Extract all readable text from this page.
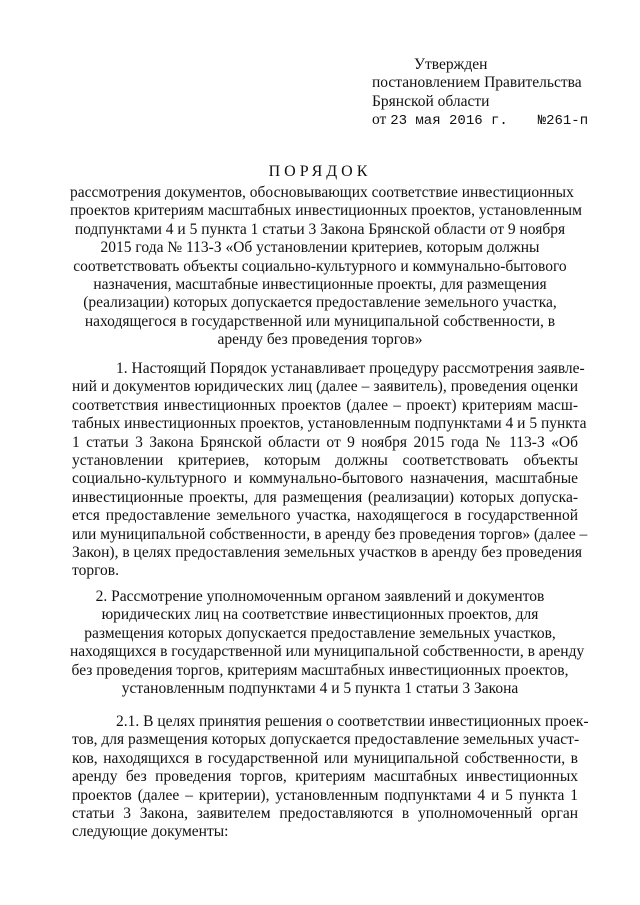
Утвержден
постановлением Правительства
Брянской области
от 23 мая 2016 г. №261-п
ПОРЯДОК
рассмотрения документов, обосновывающих соответствие инвестиционных
проектов критериям масштабных инвестиционных проектов, установленным
подпунктами 4 и 5 пункта 1 статьи 3 Закона Брянской области от 9 ноября
2015 года № 113-З «Об установлении критериев, которым должны
соответствовать объекты социально-культурного и коммунально-бытового
назначения, масштабные инвестиционные проекты, для размещения
(реализации) которых допускается предоставление земельного участка,
находящегося в государственной или муниципальной собственности, в
аренду без проведения торгов»
1. Настоящий Порядок устанавливает процедуру рассмотрения заявле-
ний и документов юридических лиц (далее – заявитель), проведения оценки
соответствия инвестиционных проектов (далее – проект) критериям масш-
табных инвестиционных проектов, установленным подпунктами 4 и 5 пункта
1 статьи 3 Закона Брянской области от 9 ноября 2015 года № 113-З «Об
установлении критериев, которым должны соответствовать объекты
социально-культурного и коммунально-бытового назначения, масштабные
инвестиционные проекты, для размещения (реализации) которых допуска-
ется предоставление земельного участка, находящегося в государственной
или муниципальной собственности, в аренду без проведения торгов» (далее –
Закон), в целях предоставления земельных участков в аренду без проведения
торгов.
2. Рассмотрение уполномоченным органом заявлений и документов
юридических лиц на соответствие инвестиционных проектов, для
размещения которых допускается предоставление земельных участков,
находящихся в государственной или муниципальной собственности, в аренду
без проведения торгов, критериям масштабных инвестиционных проектов,
установленным подпунктами 4 и 5 пункта 1 статьи 3 Закона
2.1. В целях принятия решения о соответствии инвестиционных проек-
тов, для размещения которых допускается предоставление земельных участ-
ков, находящихся в государственной или муниципальной собственности, в
аренду без проведения торгов, критериям масштабных инвестиционных
проектов (далее – критерии), установленным подпунктами 4 и 5 пункта 1
статьи 3 Закона, заявителем предоставляются в уполномоченный орган
следующие документы:
